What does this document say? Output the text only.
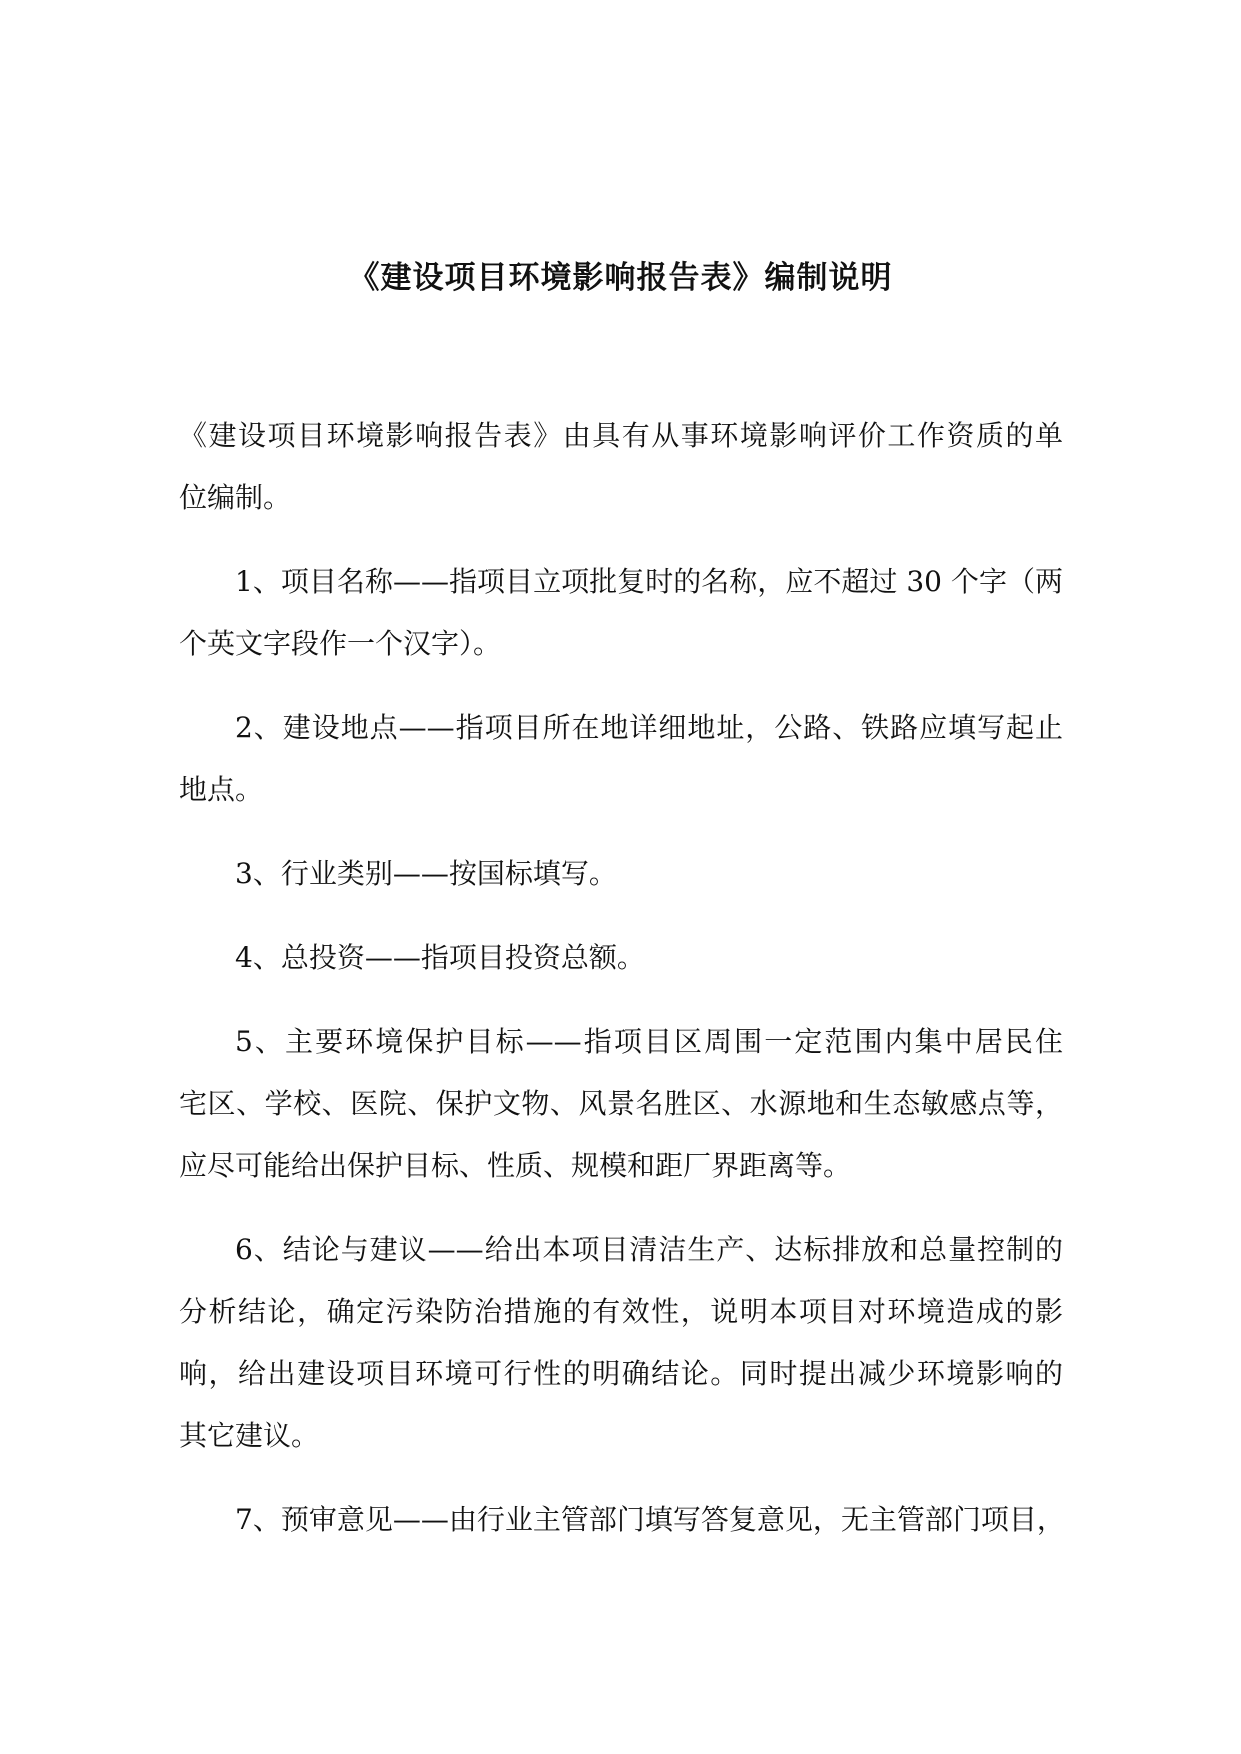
《建设项目环境影响报告表》编制说明
《建设项目环境影响报告表》由具有从事环境影响评价工作资质的单
位编制。
1、项目名称——指项目立项批复时的名称，应不超过 30 个字（两
个英文字段作一个汉字）。
2、建设地点——指项目所在地详细地址，公路、铁路应填写起止
地点。
3、行业类别——按国标填写。
4、总投资——指项目投资总额。
5、主要环境保护目标——指项目区周围一定范围内集中居民住
宅区、学校、医院、保护文物、风景名胜区、水源地和生态敏感点等，
应尽可能给出保护目标、性质、规模和距厂界距离等。
6、结论与建议——给出本项目清洁生产、达标排放和总量控制的
分析结论，确定污染防治措施的有效性，说明本项目对环境造成的影
响，给出建设项目环境可行性的明确结论。同时提出减少环境影响的
其它建议。
7、预审意见——由行业主管部门填写答复意见，无主管部门项目，
